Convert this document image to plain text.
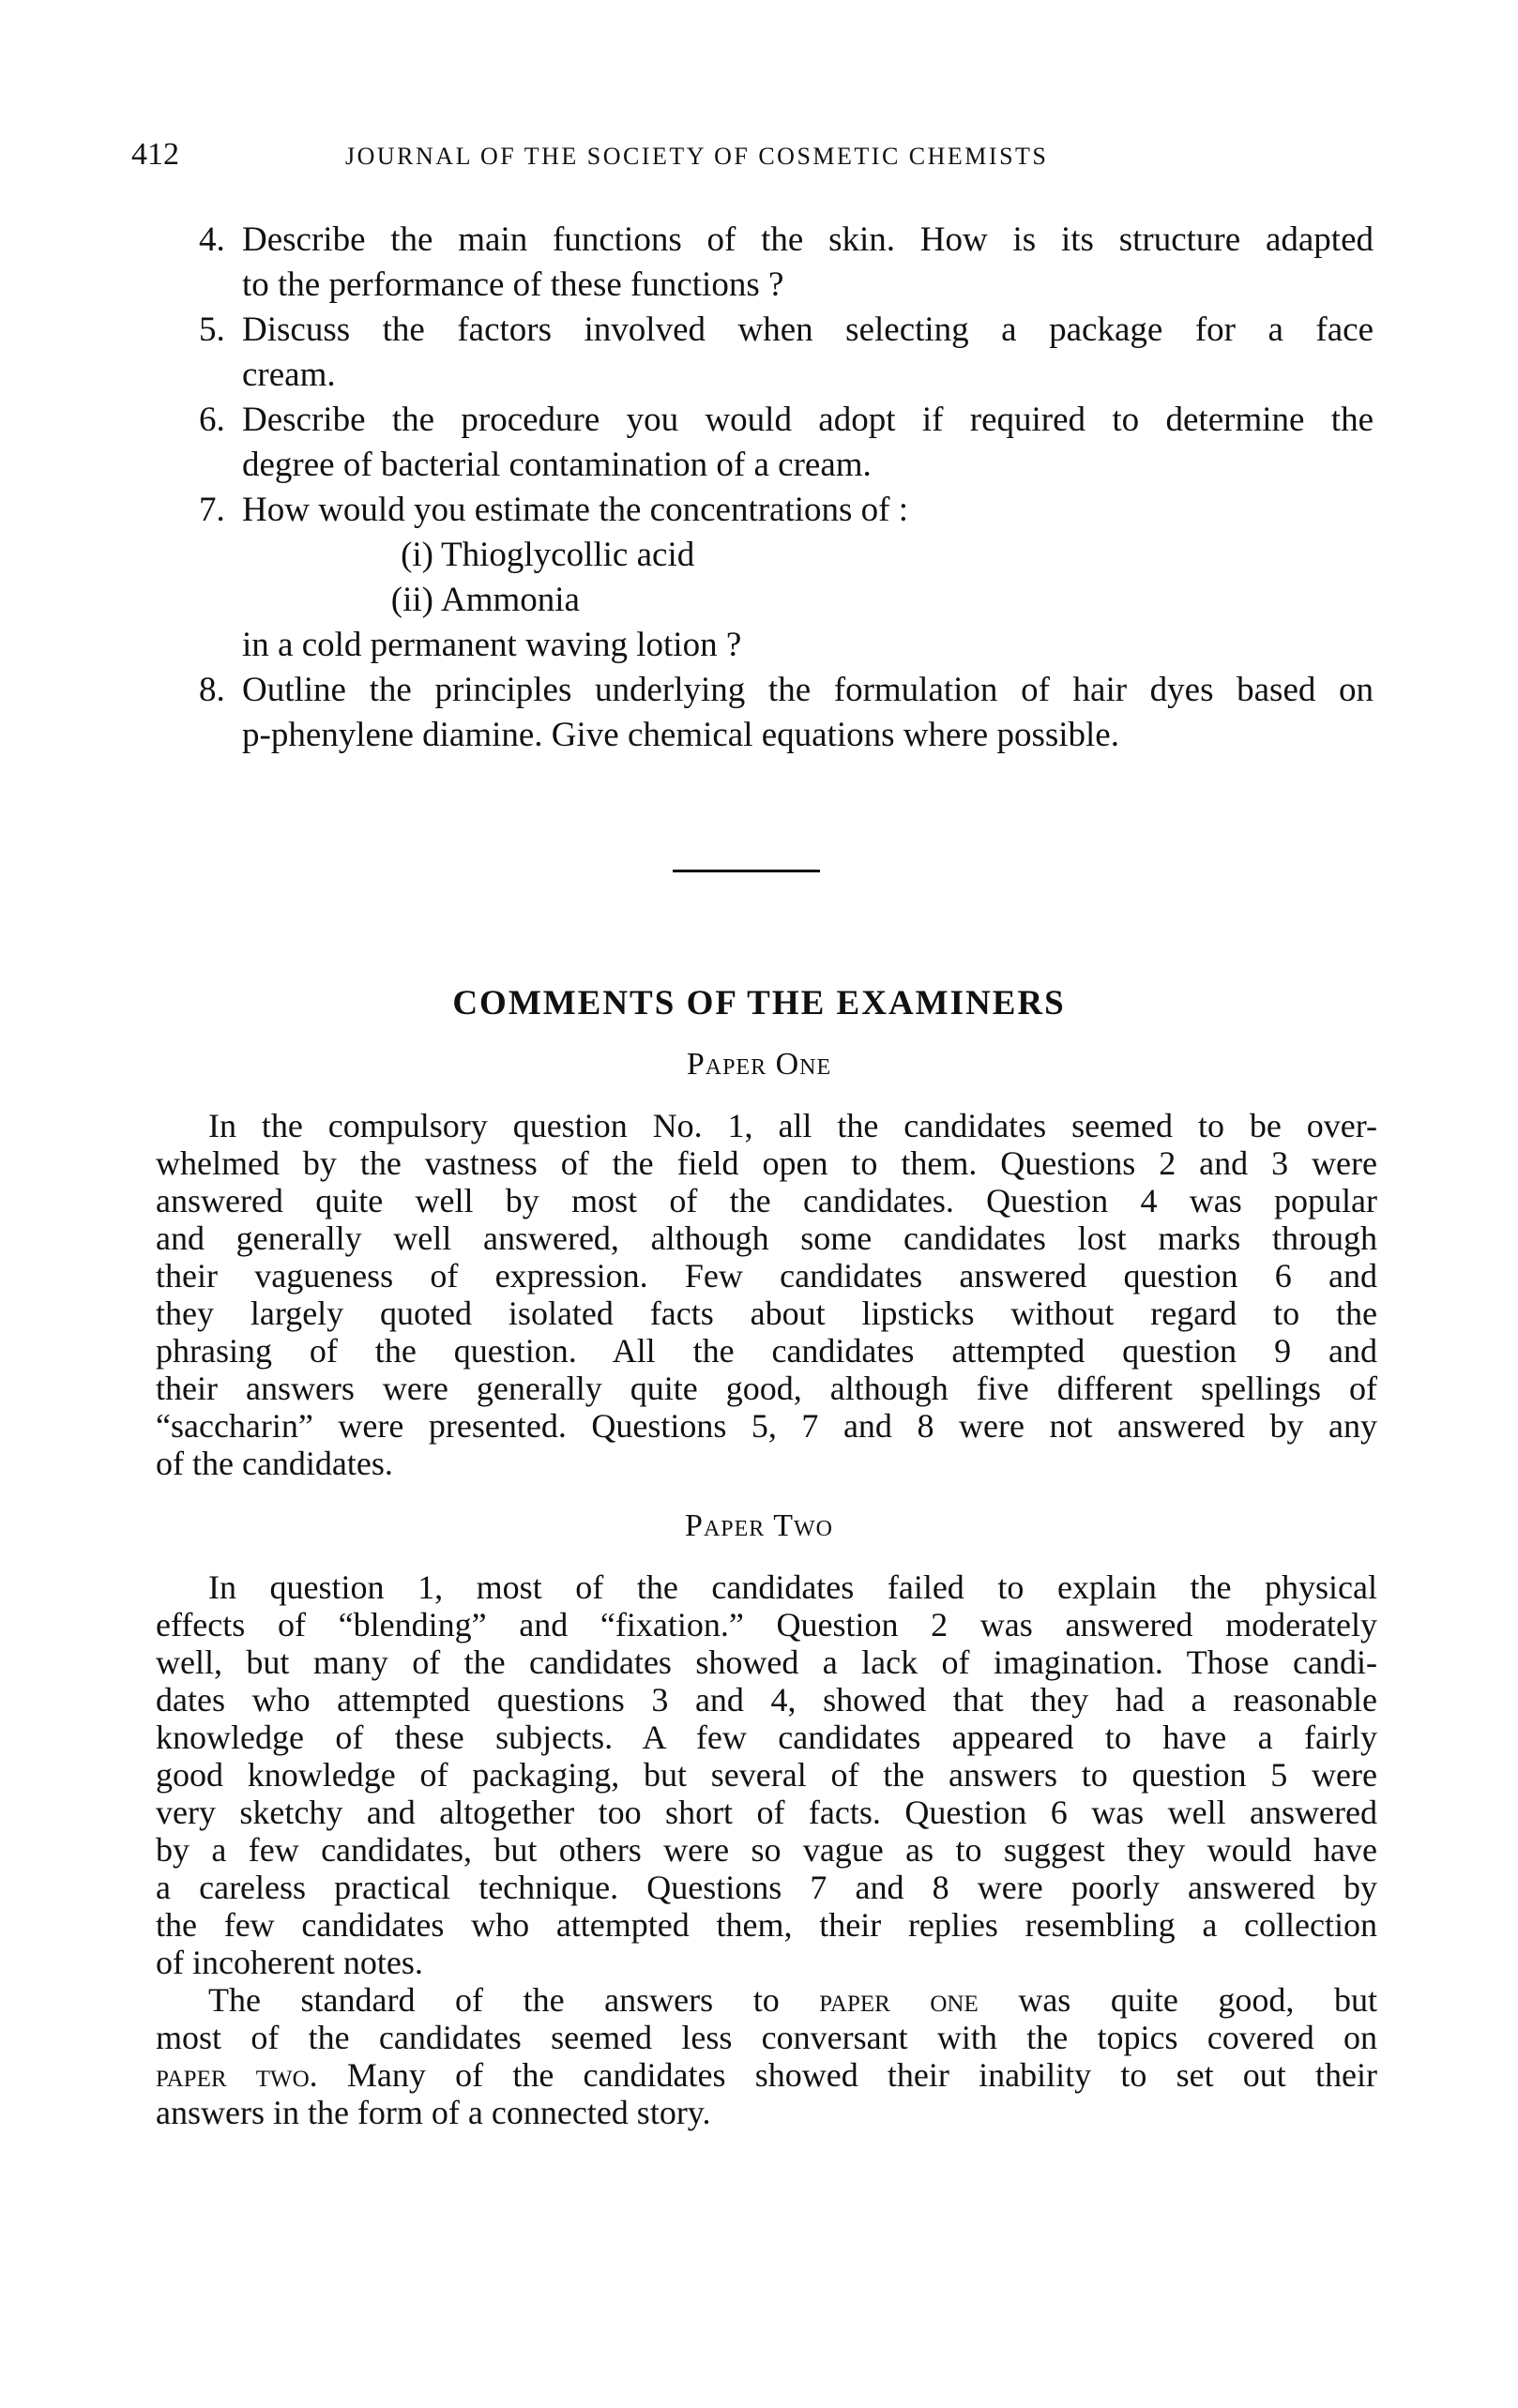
412	JOURNAL OF THE SOCIETY OF COSMETIC CHEMISTS
4. Describe the main functions of the skin. How is its structure adapted
to the performance of these functions ?
5. Discuss the factors involved when selecting a package for a face
cream.
6. Describe the procedure you would adopt if required to determine the
degree of bacterial contamination of a cream.
7. How would you estimate the concentrations of :
(i) Thioglycollic acid
(ii) Ammonia
in a cold permanent waving lotion ?
8. Outline the principles underlying the formulation of hair dyes based on
p-phenylene diamine. Give chemical equations where possible.
COMMENTS OF THE EXAMINERS
Paper One
In the compulsory question No. 1, all the candidates seemed to be over-
whelmed by the vastness of the field open to them. Questions 2 and 3 were
answered quite well by most of the candidates. Question 4 was popular
and generally well answered, although some candidates lost marks through
their vagueness of expression. Few candidates answered question 6 and
they largely quoted isolated facts about lipsticks without regard to the
phrasing of the question. All the candidates attempted question 9 and
their answers were generally quite good, although five different spellings of
“saccharin” were presented. Questions 5, 7 and 8 were not answered by any
of the candidates.
Paper Two
In question 1, most of the candidates failed to explain the physical
effects of “blending” and “fixation.” Question 2 was answered moderately
well, but many of the candidates showed a lack of imagination. Those candi-
dates who attempted questions 3 and 4, showed that they had a reasonable
knowledge of these subjects. A few candidates appeared to have a fairly
good knowledge of packaging, but several of the answers to question 5 were
very sketchy and altogether too short of facts. Question 6 was well answered
by a few candidates, but others were so vague as to suggest they would have
a careless practical technique. Questions 7 and 8 were poorly answered by
the few candidates who attempted them, their replies resembling a collection
of incoherent notes.
The standard of the answers to paper one was quite good, but
most of the candidates seemed less conversant with the topics covered on
paper two. Many of the candidates showed their inability to set out their
answers in the form of a connected story.
